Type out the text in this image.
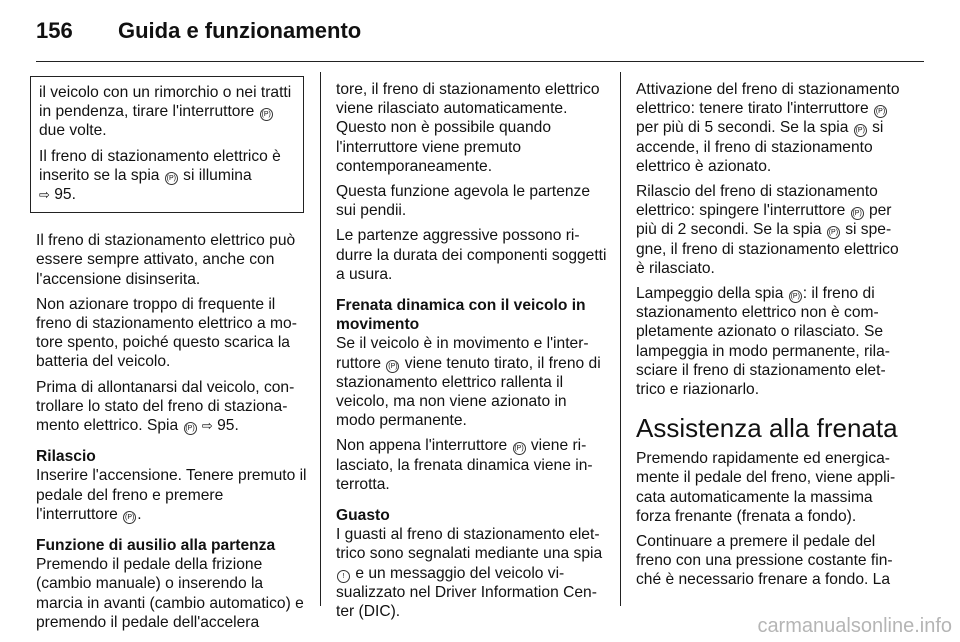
156 Guida e funzionamento

il veicolo con un rimorchio o nei tratti in pendenza, tirare l'interruttore (P) due volte.

Il freno di stazionamento elettrico è inserito se la spia (P) si illumina
⇨ 95.

Il freno di stazionamento elettrico può essere sempre attivato, anche con l'accensione disinserita.

Non azionare troppo di frequente il freno di stazionamento elettrico a motore spento, poiché questo scarica la batteria del veicolo.

Prima di allontanarsi dal veicolo, controllare lo stato del freno di stazionamento elettrico. Spia (P) ⇨ 95.

Rilascio

Inserire l'accensione. Tenere premuto il pedale del freno e premere l'interruttore (P) .

Funzione di ausilio alla partenza

Premendo il pedale della frizione (cambio manuale) o inserendo la marcia in avanti (cambio automatico) e premendo il pedale dell'accelera

tore, il freno di stazionamento elettrico viene rilasciato automaticamente. Questo non è possibile quando l'interruttore viene premuto contemporaneamente.

Questa funzione agevola le partenze sui pendii.

Le partenze aggressive possono ridurre la durata dei componenti soggetti a usura.

Frenata dinamica con il veicolo in movimento

Se il veicolo è in movimento e l'interruttore (P) viene tenuto tirato, il freno di stazionamento elettrico rallenta il veicolo, ma non viene azionato in modo permanente.

Non appena l'interruttore (P) viene rilasciato, la frenata dinamica viene interrotta.

Guasto

I guasti al freno di stazionamento elettrico sono segnalati mediante una spia ! e un messaggio del veicolo visualizzato nel Driver Information Center (DIC).

Attivazione del freno di stazionamento elettrico: tenere tirato l'interruttore (P) per più di 5 secondi. Se la spia (P) si accende, il freno di stazionamento elettrico è azionato.

Rilascio del freno di stazionamento elettrico: spingere l'interruttore (P) per più di 2 secondi. Se la spia (P) si spegne, il freno di stazionamento elettrico è rilasciato.

Lampeggio della spia (P) : il freno di stazionamento elettrico non è completamente azionato o rilasciato. Se lampeggia in modo permanente, rilasciare il freno di stazionamento elettrico e riazionarlo.

Assistenza alla frenata

Premendo rapidamente ed energicamente il pedale del freno, viene applicata automaticamente la massima forza frenante (frenata a fondo).

Continuare a premere il pedale del freno con una pressione costante finché è necessario frenare a fondo. La

carmanualsonline.info
